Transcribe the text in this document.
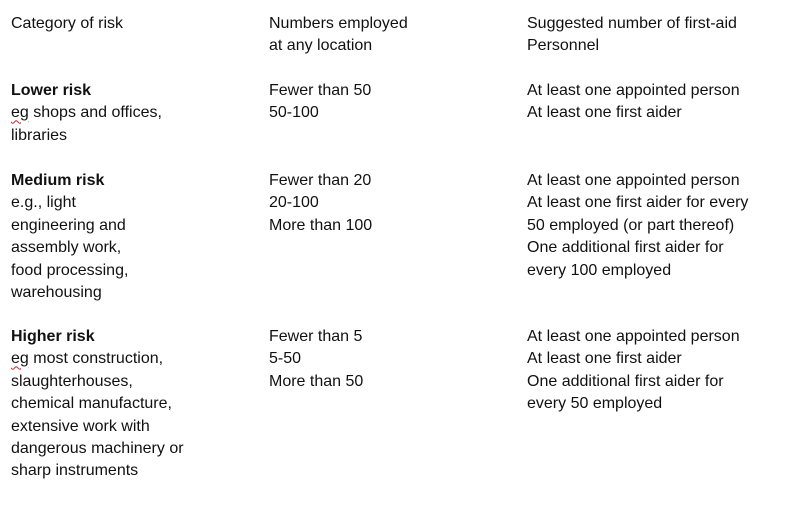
Category of risk
Lower risk
eg shops and offices,
libraries
Medium risk
e.g., light
engineering and
assembly work,
food processing,
warehousing
Higher risk
eg most construction,
slaughterhouses,
chemical manufacture,
extensive work with
dangerous machinery or
sharp instruments
Numbers employed
at any location
Fewer than 50
50-100
Fewer than 20
20-100
More than 100
Fewer than 5
5-50
More than 50
Suggested number of first-aid
Personnel
At least one appointed person
At least one first aider
At least one appointed person
At least one first aider for every
50 employed (or part thereof)
One additional first aider for
every 100 employed
At least one appointed person
At least one first aider
One additional first aider for
every 50 employed
